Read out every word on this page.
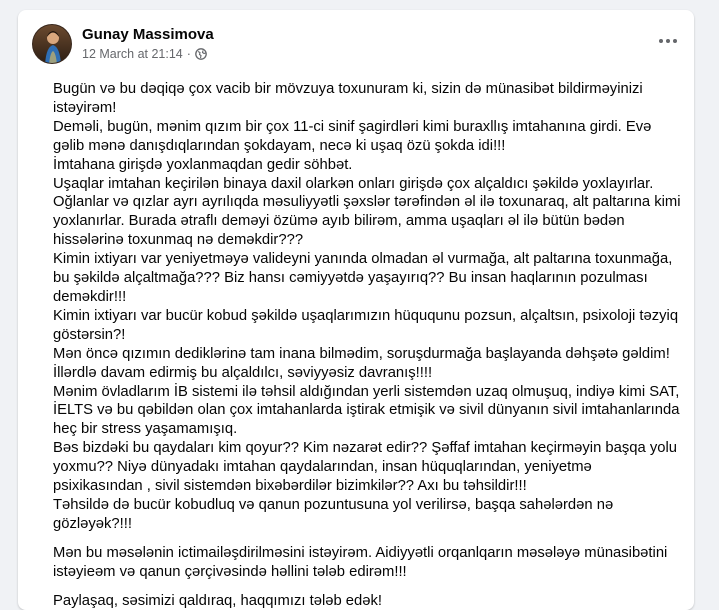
Gunay Massimova
12 March at 21:14 ·
Bugün və bu dəqiqə çox vacib bir mövzuya toxunuram ki, sizin də münasibət bildirməyinizi istəyirəm!
Deməli, bugün, mənim qızım bir çox 11-ci sinif şagirdləri kimi buraxllış imtahanına girdi. Evə gəlib mənə danışdıqlarından şokdayam, necə ki uşaq özü şokda idi!!!
İmtahana girişdə yoxlanmaqdan gedir söhbət.
Uşaqlar imtahan keçirilən binaya daxil olarkən onları girişdə çox alçaldıcı şəkildə yoxlayırlar.
Oğlanlar və qızlar ayrı ayrılıqda məsuliyyətli şəxslər tərəfindən əl ilə toxunaraq, alt paltarına kimi yoxlanırlar. Burada ətraflı deməyi özümə ayıb bilirəm, amma uşaqları əl ilə bütün bədən hissələrinə toxunmaq nə deməkdir???
Kimin ixtiyarı var yeniyetməyə valideyni yanında olmadan əl vurmağa, alt paltarına toxunmağa, bu şəkildə alçaltmağa??? Biz hansı cəmiyyətdə yaşayırıq?? Bu insan haqlarının pozulması deməkdir!!!
Kimin ixtiyarı var bucür kobud şəkildə uşaqlarımızın hüququnu pozsun, alçaltsın, psixoloji təzyiq göstərsin?!
Mən öncə qızımın dediklərinə tam inana bilmədim, soruşdurmağa başlayanda dəhşətə gəldim!
İllərdlə davam edirmiş bu alçaldılcı, səviyyəsiz davranış!!!!
Mənim övladlarım İB sistemi ilə təhsil aldığından yerli sistemdən uzaq olmuşuq, indiyə kimi SAT, İELTS və bu qəbildən olan çox imtahanlarda iştirak etmişik və sivil dünyanın sivil imtahanlarında heç bir stress yaşamamışıq.
Bəs bizdəki bu qaydaları kim qoyur?? Kim nəzarət edir?? Şəffaf imtahan keçirməyin başqa yolu yoxmu?? Niyə dünyadakı imtahan qaydalarından, insan hüquqlarından, yeniyetmə psixikasından , sivil sistemdən bixəbərdilər bizimkilər?? Axı bu təhsildir!!!
Təhsildə də bucür kobudluq və qanun pozuntusuna yol verilirsə, başqa sahələrdən nə gözləyək?!!!
Mən bu məsələnin ictimailəşdirilməsini istəyirəm. Aidiyyətli orqanlqarın məsələyə münasibətini istəyieəm və qanun çərçivəsində həllini tələb edirəm!!!
Paylaşaq, səsimizi qaldıraq, haqqımızı tələb edək!
